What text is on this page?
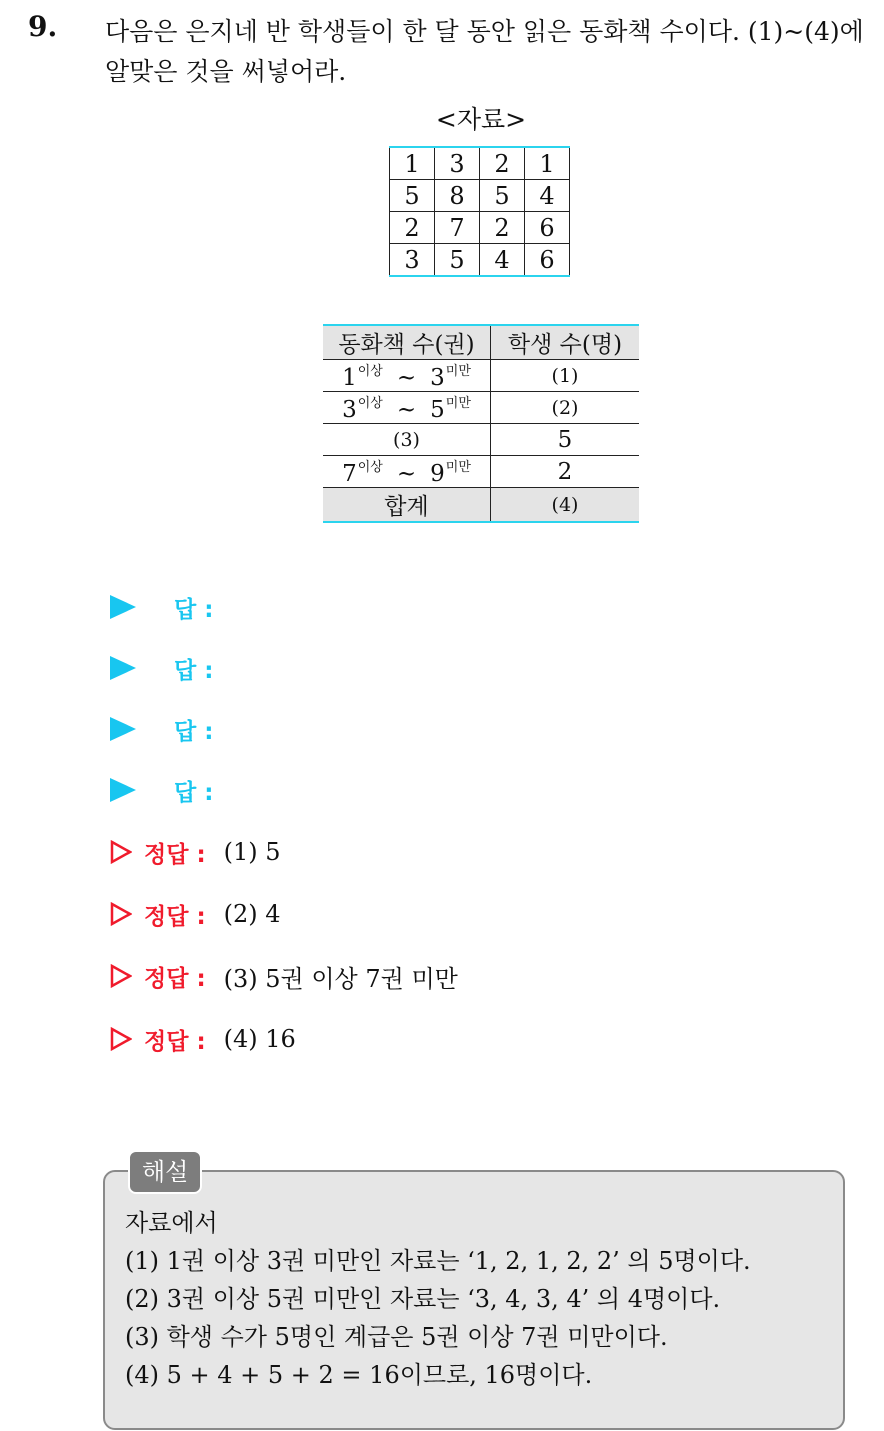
9. 다음은 은지네 반 학생들이 한 달 동안 읽은 동화책 수이다. (1)~(4)에 알맞은 것을 써넣어라.
<자료>
1	3	2	1
5	8	5	4
2	7	2	6
3	5	4	6
동화책 수(권)	학생 수(명)
$1^{이상}$ ~ $3^{미만}$	(1)
$3^{이상}$ ~ $5^{미만}$	(2)
(3)	5
$7^{이상}$ ~ $9^{미만}$	2
합계	(4)
답 :
답 :
답 :
답 :
정답 : (1) 5
정답 : (2) 4
정답 : (3) 5권 이상 7권 미만
정답 : (4) 16
해설
자료에서
(1) 1권 이상 3권 미만인 자료는 ‘1, 2, 1, 2, 2’ 의 5명이다.
(2) 3권 이상 5권 미만인 자료는 ‘3, 4, 3, 4’ 의 4명이다.
(3) 학생 수가 5명인 계급은 5권 이상 7권 미만이다.
(4) 5 + 4 + 5 + 2 = 16이므로, 16명이다.
